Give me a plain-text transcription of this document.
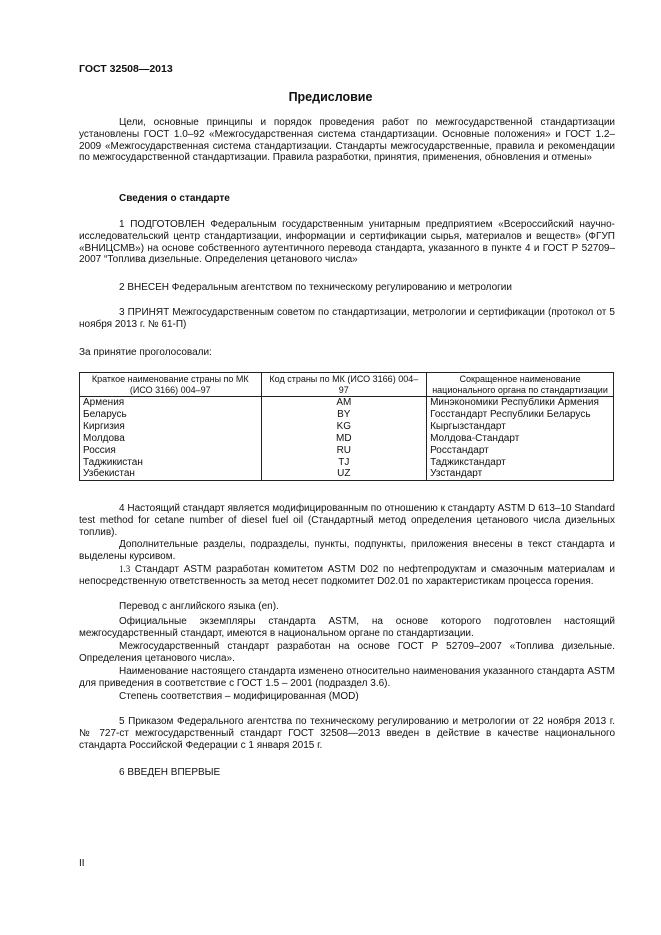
ГОСТ 32508—2013
Предисловие

Цели, основные принципы и порядок проведения работ по межгосударственной стандартизации установлены ГОСТ 1.0–92 «Межгосударственная система стандартизации. Основные положения» и ГОСТ 1.2–2009 «Межгосударственная система стандартизации. Стандарты межгосударственные, правила и рекомендации по межгосударственной стандартизации. Правила разработки, принятия, применения, обновления и отмены»

Сведения о стандарте

1 ПОДГОТОВЛЕН Федеральным государственным унитарным предприятием «Всероссийский научно-исследовательский центр стандартизации, информации и сертификации сырья, материалов и веществ» (ФГУП «ВНИЦСМВ») на основе собственного аутентичного перевода стандарта, указанного в пункте 4 и ГОСТ Р 52709–2007 “Топлива дизельные. Определения цетанового числа»

2 ВНЕСЕН Федеральным агентством по техническому регулированию и метрологии

3 ПРИНЯТ Межгосударственным советом по стандартизации, метрологии и сертификации (протокол от 5 ноября 2013 г. № 61-П)

За принятие проголосовали:
Краткое наименование страны по МК (ИСО 3166) 004–97	Код страны по МК (ИСО 3166) 004–97	Сокращенное наименование национального органа по стандартизации
Армения	AM	Минэкономики Республики Армения
Беларусь	BY	Госстандарт Республики Беларусь
Киргизия	KG	Кыргызстандарт
Молдова	MD	Молдова-Стандарт
Россия	RU	Росстандарт
Таджикистан	TJ	Таджикстандарт
Узбекистан	UZ	Узстандарт

4 Настоящий стандарт является модифицированным по отношению к стандарту ASTM D 613–10 Standard test method for cetane number of diesel fuel oil (Стандартный метод определения цетанового числа дизельных топлив).

Дополнительные разделы, подразделы, пункты, подпункты, приложения внесены в текст стандарта и выделены курсивом.

1.3 Стандарт ASTM разработан комитетом ASTM D02 по нефтепродуктам и смазочным материалам и непосредственную ответственность за метод несет подкомитет D02.01 по характеристикам процесса горения.

Перевод с английского языка (en).

Официальные экземпляры стандарта ASTM, на основе которого подготовлен настоящий межгосударственный стандарт, имеются в национальном органе по стандартизации.

Межгосударственный стандарт разработан на основе ГОСТ Р 52709–2007 «Топлива дизельные. Определения цетанового числа».

Наименование настоящего стандарта изменено относительно наименования указанного стандарта ASTM для приведения в соответствие с ГОСТ 1.5 – 2001 (подраздел 3.6).

Степень соответствия – модифицированная (MOD)

5 Приказом Федерального агентства по техническому регулированию и метрологии от 22 ноября 2013 г. № 727-ст межгосударственный стандарт ГОСТ 32508—2013 введен в действие в качестве национального стандарта Российской Федерации с 1 января 2015 г.

6 ВВЕДЕН ВПЕРВЫЕ

II
